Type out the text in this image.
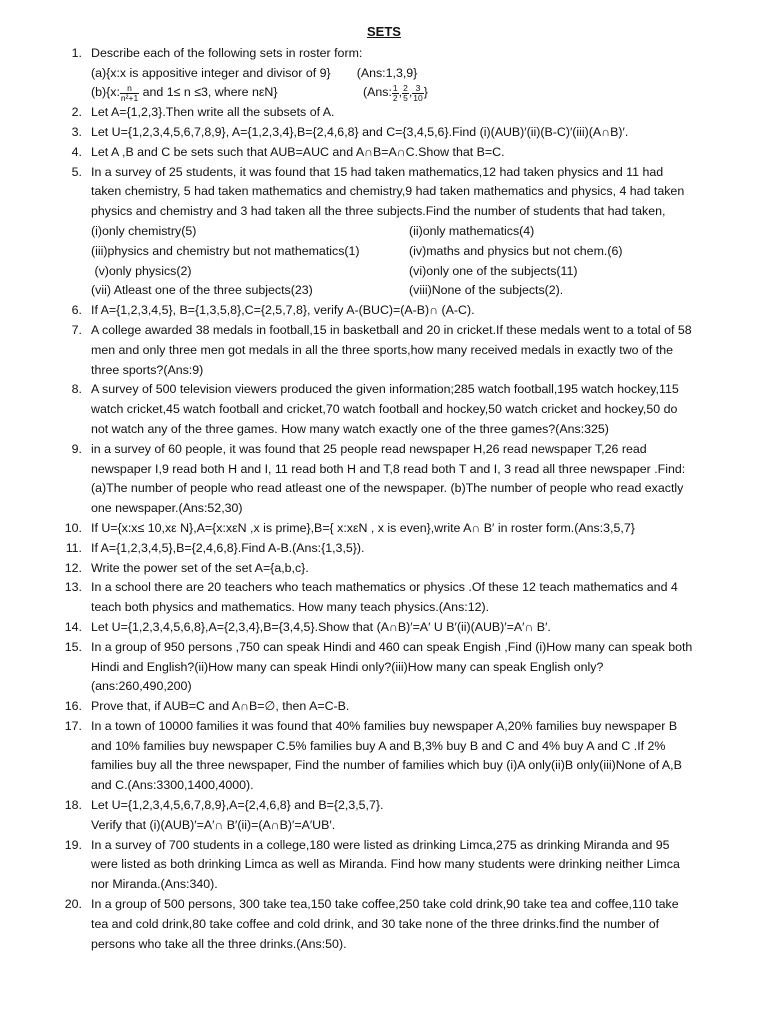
SETS
1. Describe each of the following sets in roster form:
(a){x:x is appositive integer and divisor of 9} (Ans:1,3,9}
(b){x: $\frac{n}{\text{n²+1}}$ and 1≤ n ≤3, where nεN}	(Ans: $\frac{1}{2}$ , $\frac{2}{5}$ , $\frac{3}{10}$ }
2. Let A={1,2,3}.Then write all the subsets of A.
3. Let U={1,2,3,4,5,6,7,8,9}, A={1,2,3,4},B={2,4,6,8} and C={3,4,5,6}.Find (i)(AUB)′(ii)(B-C)′(iii)(A∩B)′.
4. Let A ,B and C be sets such that AUB=AUC and A∩B=A∩C.Show that B=C.
5. In a survey of 25 students, it was found that 15 had taken mathematics,12 had taken physics and 11 had taken chemistry, 5 had taken mathematics and chemistry,9 had taken mathematics and physics, 4 had taken physics and chemistry and 3 had taken all the three subjects.Find the number of students that had taken,
(i)only chemistry(5)	(ii)only mathematics(4)
(iii)physics and chemistry but not mathematics(1)	(iv)maths and physics but not chem.(6)
(v)only physics(2)	(vi)only one of the subjects(11)
(vii) Atleast one of the three subjects(23)	(viii)None of the subjects(2).
6. If A={1,2,3,4,5}, B={1,3,5,8},C={2,5,7,8}, verify A-(BUC)=(A-B)∩ (A-C).
7. A college awarded 38 medals in football,15 in basketball and 20 in cricket.If these medals went to a total of 58 men and only three men got medals in all the three sports,how many received medals in exactly two of the three sports?(Ans:9)
8. A survey of 500 television viewers produced the given information;285 watch football,195 watch hockey,115 watch cricket,45 watch football and cricket,70 watch football and hockey,50 watch cricket and hockey,50 do not watch any of the three games. How many watch exactly one of the three games?(Ans:325)
9. in a survey of 60 people, it was found that 25 people read newspaper H,26 read newspaper T,26 read newspaper I,9 read both H and I, 11 read both H and T,8 read both T and I, 3 read all three newspaper .Find: (a)The number of people who read atleast one of the newspaper. (b)The number of people who read exactly one newspaper.(Ans:52,30)
10. If U={x:x≤ 10,xε N},A={x:xεN ,x is prime},B={ x:xεN , x is even},write A∩ B′ in roster form.(Ans:3,5,7}
11. If A={1,2,3,4,5},B={2,4,6,8}.Find A-B.(Ans:{1,3,5}).
12. Write the power set of the set A={a,b,c}.
13. In a school there are 20 teachers who teach mathematics or physics .Of these 12 teach mathematics and 4 teach both physics and mathematics. How many teach physics.(Ans:12).
14. Let U={1,2,3,4,5,6,8},A={2,3,4},B={3,4,5}.Show that (A∩B)′=A′ U B′(ii)(AUB)′=A′∩ B′.
15. In a group of 950 persons ,750 can speak Hindi and 460 can speak Engish ,Find (i)How many can speak both Hindi and English?(ii)How many can speak Hindi only?(iii)How many can speak English only?(ans:260,490,200)
16. Prove that, if AUB=C and A∩B=∅, then A=C-B.
17. In a town of 10000 families it was found that 40% families buy newspaper A,20% families buy newspaper B and 10% families buy newspaper C.5% families buy A and B,3% buy B and C and 4% buy A and C .If 2% families buy all the three newspaper, Find the number of families which buy (i)A only(ii)B only(iii)None of A,B and C.(Ans:3300,1400,4000).
18. Let U={1,2,3,4,5,6,7,8,9},A={2,4,6,8} and B={2,3,5,7}.
Verify that (i)(AUB)′=A′∩ B′(ii)=(A∩B)′=A′UB′.
19. In a survey of 700 students in a college,180 were listed as drinking Limca,275 as drinking Miranda and 95 were listed as both drinking Limca as well as Miranda. Find how many students were drinking neither Limca nor Miranda.(Ans:340).
20. In a group of 500 persons, 300 take tea,150 take coffee,250 take cold drink,90 take tea and coffee,110 take tea and cold drink,80 take coffee and cold drink, and 30 take none of the three drinks.find the number of persons who take all the three drinks.(Ans:50).
